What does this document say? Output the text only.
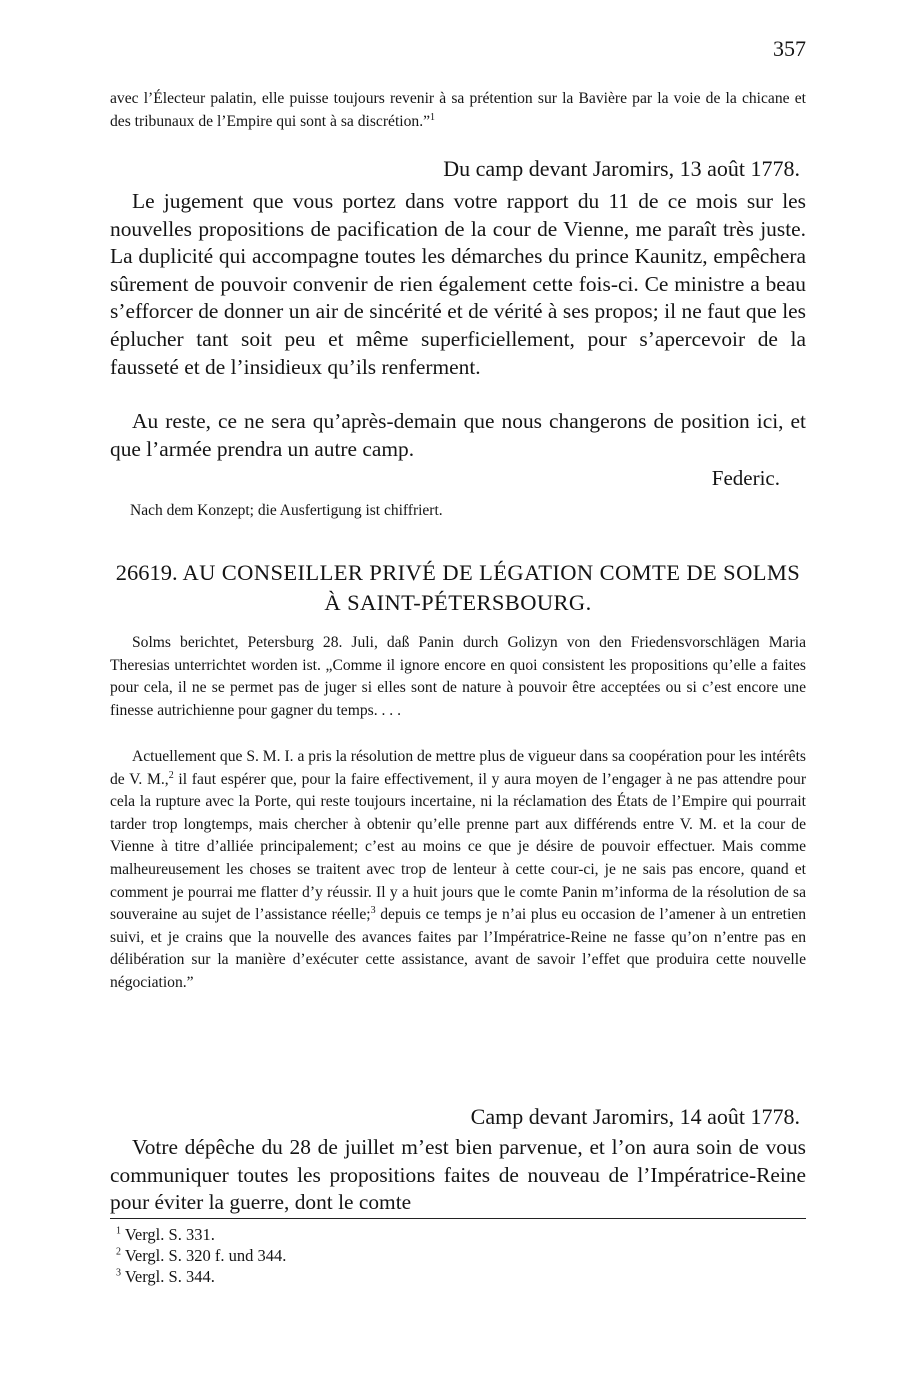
357
avec l’Électeur palatin, elle puisse toujours revenir à sa prétention sur la Bavière par la voie de la chicane et des tribunaux de l’Empire qui sont à sa discrétion.”$^1$
Du camp devant Jaromirs, 13 août 1778.
Le jugement que vous portez dans votre rapport du 11 de ce mois sur les nouvelles propositions de pacification de la cour de Vienne, me paraît très juste. La duplicité qui accompagne toutes les démarches du prince Kaunitz, empêchera sûrement de pouvoir convenir de rien également cette fois-ci. Ce ministre a beau s’efforcer de donner un air de sincérité et de vérité à ses propos; il ne faut que les éplucher tant soit peu et même superficiellement, pour s’apercevoir de la fausseté et de l’insidieux qu’ils renferment.
Au reste, ce ne sera qu’après-demain que nous changerons de position ici, et que l’armée prendra un autre camp.
Federic.
Nach dem Konzept; die Ausfertigung ist chiffriert.
26619. AU CONSEILLER PRIVÉ DE LÉGATION COMTE DE SOLMS À SAINT-PÉTERSBOURG.
Solms berichtet, Petersburg 28. Juli, daß Panin durch Golizyn von den Friedensvorschlägen Maria Theresias unterrichtet worden ist. „Comme il ignore encore en quoi consistent les propositions qu’elle a faites pour cela, il ne se permet pas de juger si elles sont de nature à pouvoir être acceptées ou si c’est encore une finesse autrichienne pour gagner du temps. . . .
Actuellement que S. M. I. a pris la résolution de mettre plus de vigueur dans sa coopération pour les intérêts de V. M.,$^2$ il faut espérer que, pour la faire effectivement, il y aura moyen de l’engager à ne pas attendre pour cela la rupture avec la Porte, qui reste toujours incertaine, ni la réclamation des États de l’Empire qui pourrait tarder trop longtemps, mais chercher à obtenir qu’elle prenne part aux différends entre V. M. et la cour de Vienne à titre d’alliée principalement; c’est au moins ce que je désire de pouvoir effectuer. Mais comme malheureusement les choses se traitent avec trop de lenteur à cette cour-ci, je ne sais pas encore, quand et comment je pourrai me flatter d’y réussir. Il y a huit jours que le comte Panin m’informa de la résolution de sa souveraine au sujet de l’assistance réelle;$^3$ depuis ce temps je n’ai plus eu occasion de l’amener à un entretien suivi, et je crains que la nouvelle des avances faites par l’Impératrice-Reine ne fasse qu’on n’entre pas en délibération sur la manière d’exécuter cette assistance, avant de savoir l’effet que produira cette nouvelle négociation.”
Camp devant Jaromirs, 14 août 1778.
Votre dépêche du 28 de juillet m’est bien parvenue, et l’on aura soin de vous communiquer toutes les propositions faites de nouveau de l’Impératrice-Reine pour éviter la guerre, dont le comte
$^1$ Vergl. S. 331.
$^2$ Vergl. S. 320 f. und 344.
$^3$ Vergl. S. 344.
